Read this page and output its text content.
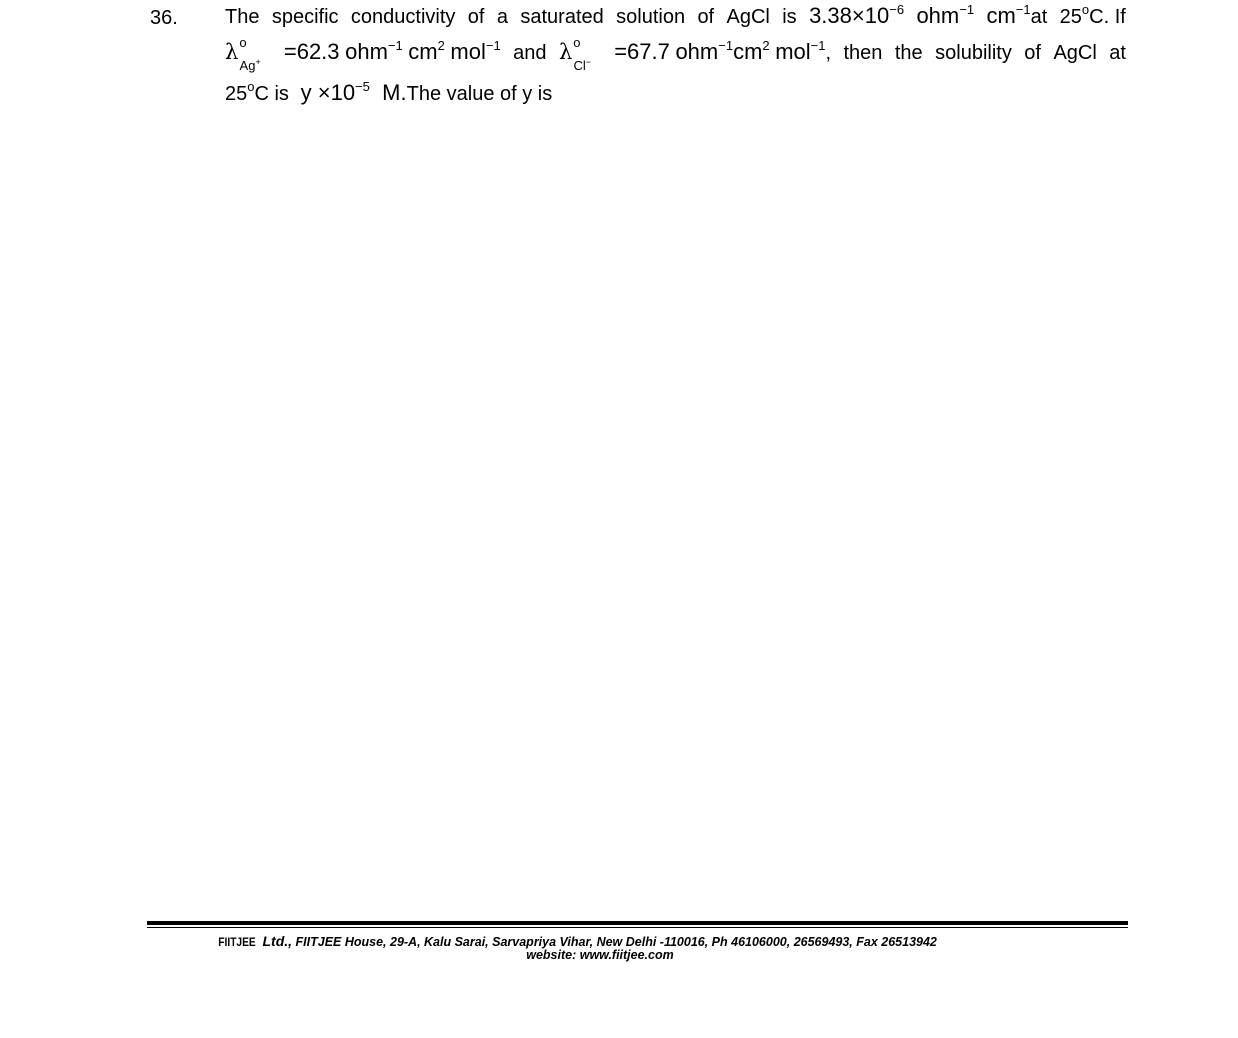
36. The specific conductivity of a saturated solution of AgCl is $3.38\times 10^{-6}$ ohm$^{-1}$ $cm^{-1}at$ 25$^o$C. If
$\lambda^oAg^+ =62.3$ ohm$^{-1}$ $cm^2$ mol$^{-1}$ and $\lambda^oCl^- =67.7$ $ohm^{-1}cm^2$ mol$^{-1}$, then the solubility of AgCl at
25$^o$C is $y \times 10^{-5}$ M.The value of y is
FIITJEE Ltd., FIITJEE House, 29-A, Kalu Sarai, Sarvapriya Vihar, New Delhi -110016, Ph 46106000, 26569493, Fax 26513942
website: www.fiitjee.com
